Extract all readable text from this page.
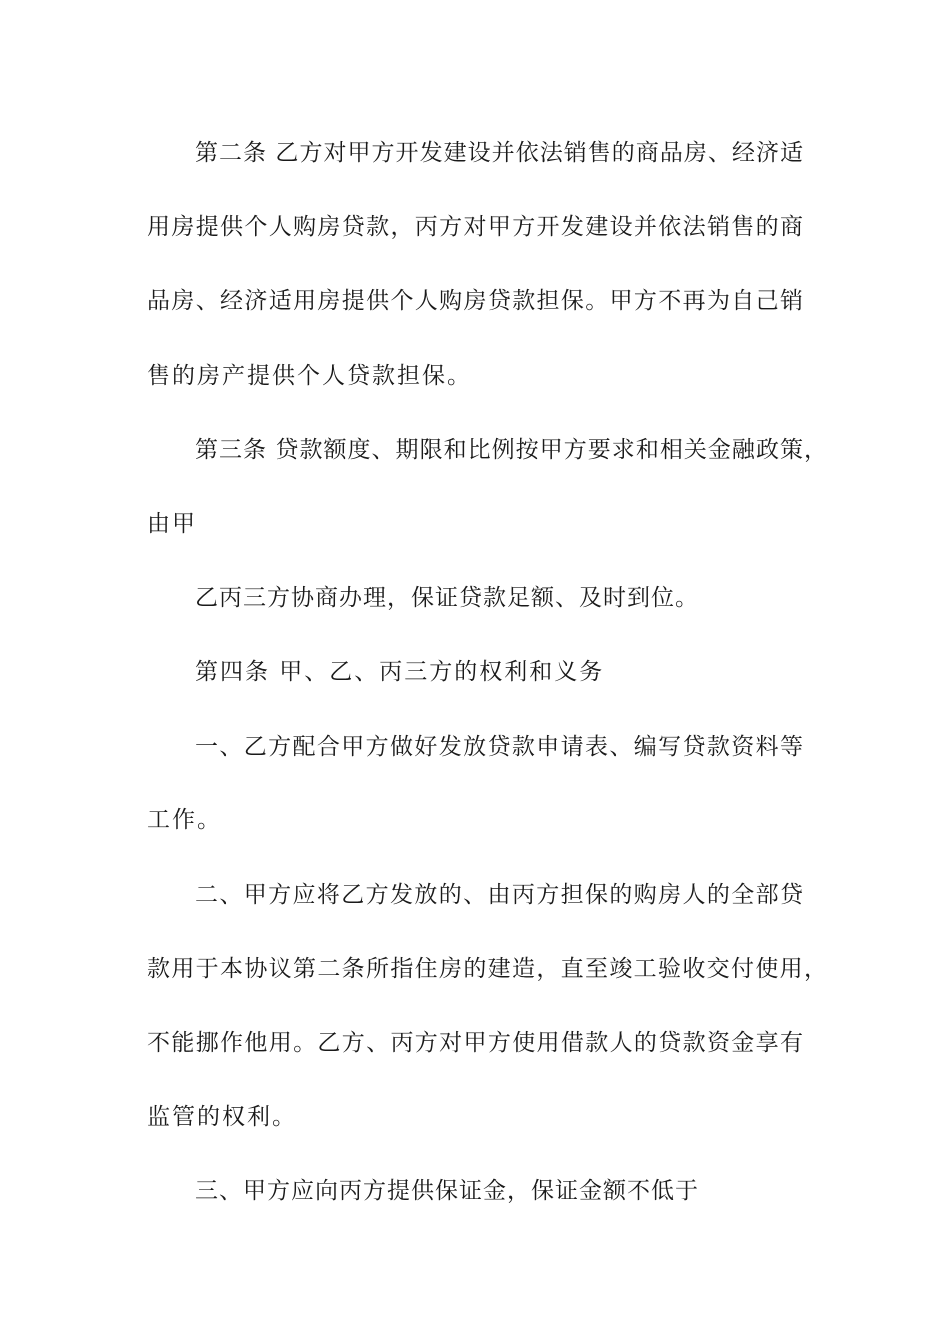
第二条 乙方对甲方开发建设并依法销售的商品房、经济适
用房提供个人购房贷款，丙方对甲方开发建设并依法销售的商
品房、经济适用房提供个人购房贷款担保。甲方不再为自己销
售的房产提供个人贷款担保。
第三条 贷款额度、期限和比例按甲方要求和相关金融政策，
由甲
乙丙三方协商办理，保证贷款足额、及时到位。
第四条 甲、乙、丙三方的权利和义务
一、乙方配合甲方做好发放贷款申请表、编写贷款资料等
工作。
二、甲方应将乙方发放的、由丙方担保的购房人的全部贷
款用于本协议第二条所指住房的建造，直至竣工验收交付使用，
不能挪作他用。乙方、丙方对甲方使用借款人的贷款资金享有
监管的权利。
三、甲方应向丙方提供保证金，保证金额不低于
